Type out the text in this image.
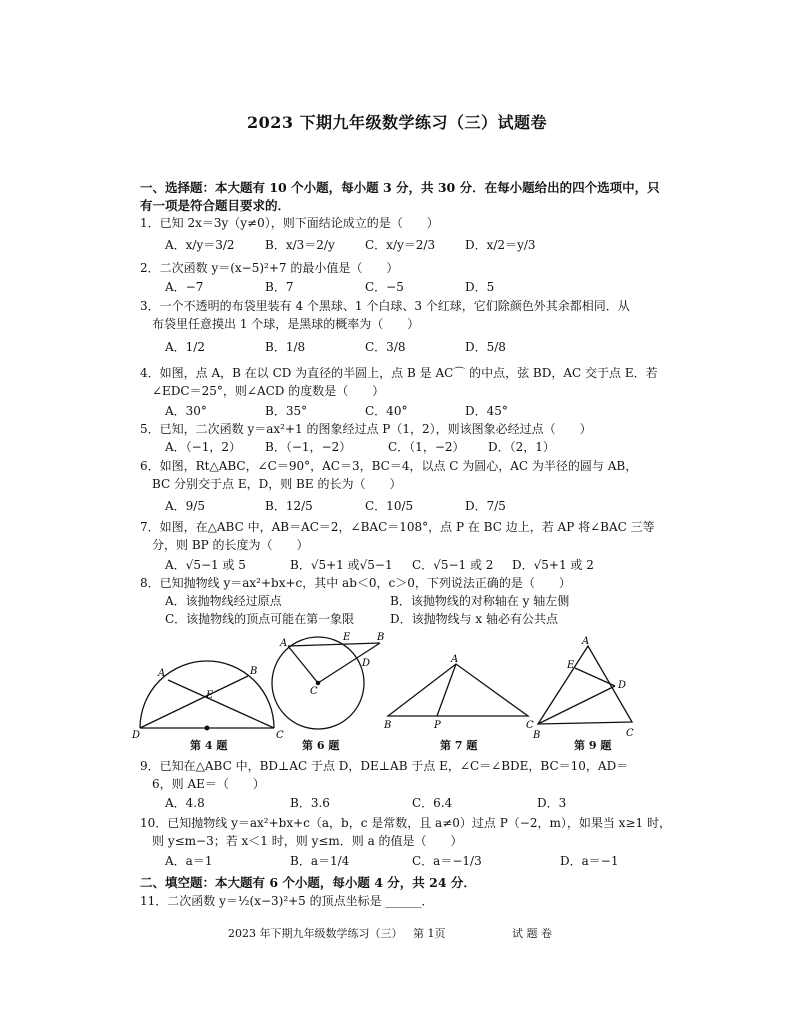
2023 下期九年级数学练习（三）试题卷
一、选择题：本大题有 10 个小题，每小题 3 分，共 30 分．在每小题给出的四个选项中，只
有一项是符合题目要求的．
1．已知 2x＝3y（y≠0），则下面结论成立的是（　　）
A．x/y＝3/2	B．x/3＝2/y	C．x/y＝2/3 D．x/2＝y/3
2．二次函数 y＝(x−5)²+7 的最小值是（　　）
A．−7	B．7	C．−5	D．5
3．一个不透明的布袋里装有 4 个黑球、1 个白球、3 个红球，它们除颜色外其余都相同．从
　布袋里任意摸出 1 个球，是黑球的概率为（　　）
A．1/2	B．1/8	C．3/8	D．5/8
4．如图，点 A，B 在以 CD 为直径的半圆上，点 B 是 AC⌒ 的中点，弦 BD，AC 交于点 E．若
　∠EDC＝25°，则∠ACD 的度数是（　　）
A．30°	B．35°	C．40°	D．45°
5．已知，二次函数 y＝ax²+1 的图象经过点 P（1，2），则该图象必经过点（　　）
A．（−1，2） B．（−1，−2）	C．（1，−2） D．（2，1）
6．如图，Rt△ABC，∠C＝90°，AC＝3，BC＝4，以点 C 为圆心，AC 为半径的圆与 AB，
　BC 分别交于点 E，D，则 BE 的长为（　　）
A．9/5	B．12/5	C．10/5	D．7/5
7．如图，在△ABC 中，AB＝AC＝2，∠BAC＝108°，点 P 在 BC 边上，若 AP 将∠BAC 三等
　分，则 BP 的长度为（　　）
A．√5−1 或 5	B．√5+1 或√5−1 C．√5−1 或 2 D．√5+1 或 2
8．已知抛物线 y＝ax²+bx+c，其中 ab＜0，c＞0，下列说法正确的是（　　）
A．该抛物线经过原点	B．该抛物线的对称轴在 y 轴左侧
C．该抛物线的顶点可能在第一象限	D．该抛物线与 x 轴必有公共点
A	B
E
D	C
A
E	B
D
C
A
B	P	C
A
E
D
B	C
第 4 题	第 6 题	第 7 题	第 9 题
9．已知在△ABC 中，BD⊥AC 于点 D，DE⊥AB 于点 E，∠C＝∠BDE，BC＝10，AD＝
　6，则 AE＝（　　）
A．4.8	B．3.6	C．6.4	D．3
10．已知抛物线 y＝ax²+bx+c（a，b，c 是常数，且 a≠0）过点 P（−2，m），如果当 x≥1 时，
　则 y≤m−3；若 x＜1 时，则 y≤m．则 a 的值是（　　）
A．a＝1	B．a＝1/4	C．a＝−1/3	D．a＝−1
二、填空题：本大题有 6 个小题，每小题 4 分，共 24 分．
11．二次函数 y＝½(x−3)²+5 的顶点坐标是 ______．
2023 年下期九年级数学练习（三） 第 1页	试 题 卷
